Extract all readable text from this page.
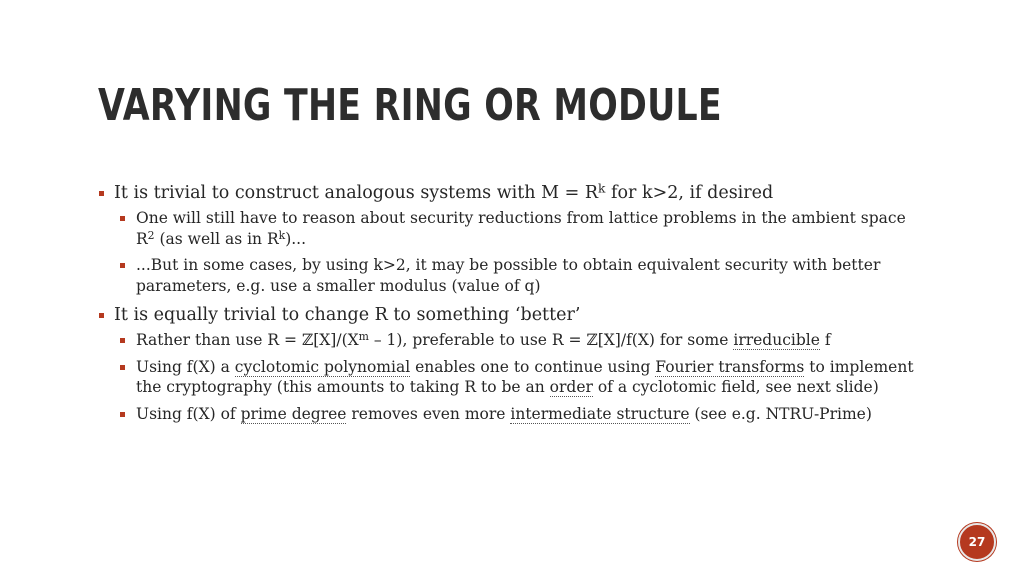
VARYING THE RING OR MODULE
It is trivial to construct analogous systems with $M = R^k$ for k>2, if desired
One will still have to reason about security reductions from lattice problems in the ambient space $R^2$ (as well as in $R^k$)...
...But in some cases, by using k>2, it may be possible to obtain equivalent security with better parameters, e.g. use a smaller modulus (value of q)
It is equally trivial to change R to something ‘better’
Rather than use $R = ℤ[X]/(X^m - 1)$, preferable to use R = ℤ[X]/f(X) for some irreducible f
Using f(X) a cyclotomic polynomial enables one to continue using Fourier transforms to implement the cryptography (this amounts to taking R to be an order of a cyclotomic field, see next slide)
Using f(X) of prime degree removes even more intermediate structure (see e.g. NTRU-Prime)
27
